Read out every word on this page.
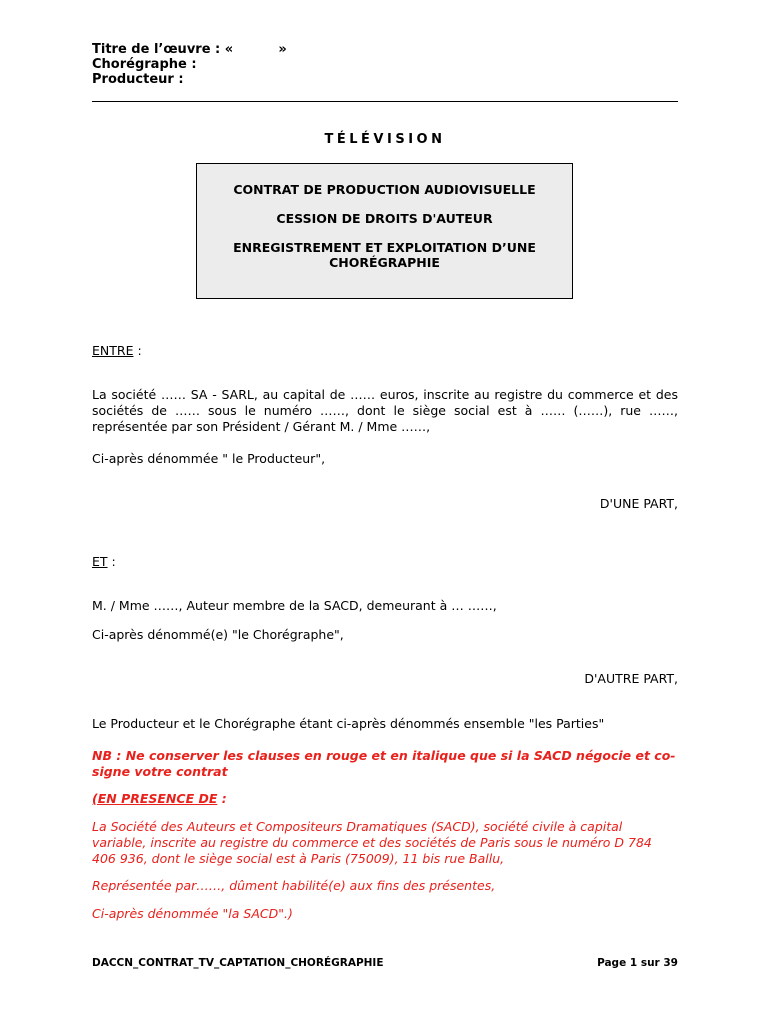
Titre de l’œuvre : «          »
Chorégraphe :
Producteur :
TÉLÉVISION
CONTRAT DE PRODUCTION AUDIOVISUELLE
CESSION DE DROITS D'AUTEUR
ENREGISTREMENT ET EXPLOITATION D’UNE
CHORÉGRAPHIE
ENTRE :
La société …… SA - SARL, au capital de …… euros, inscrite au registre du commerce et des sociétés de …… sous le numéro ……, dont le siège social est à …… (……), rue ……, représentée par son Président / Gérant M. / Mme ……,
Ci-après dénommée " le Producteur",
D'UNE PART,
ET :
M. / Mme ……, Auteur membre de la SACD, demeurant à … ……,
Ci-après dénommé(e) "le Chorégraphe",
D'AUTRE PART,
Le Producteur et le Chorégraphe étant ci-après dénommés ensemble "les Parties"
NB : Ne conserver les clauses en rouge et en italique que si la SACD négocie et co-signe votre contrat
(EN PRESENCE DE :
La Société des Auteurs et Compositeurs Dramatiques (SACD), société civile à capital variable, inscrite au registre du commerce et des sociétés de Paris sous le numéro D 784 406 936, dont le siège social est à Paris (75009), 11 bis rue Ballu,
Représentée par……, dûment habilité(e) aux fins des présentes,
Ci-après dénommée "la SACD".)
DACCN_CONTRAT_TV_CAPTATION_CHORÉGRAPHIE	Page 1 sur 39
